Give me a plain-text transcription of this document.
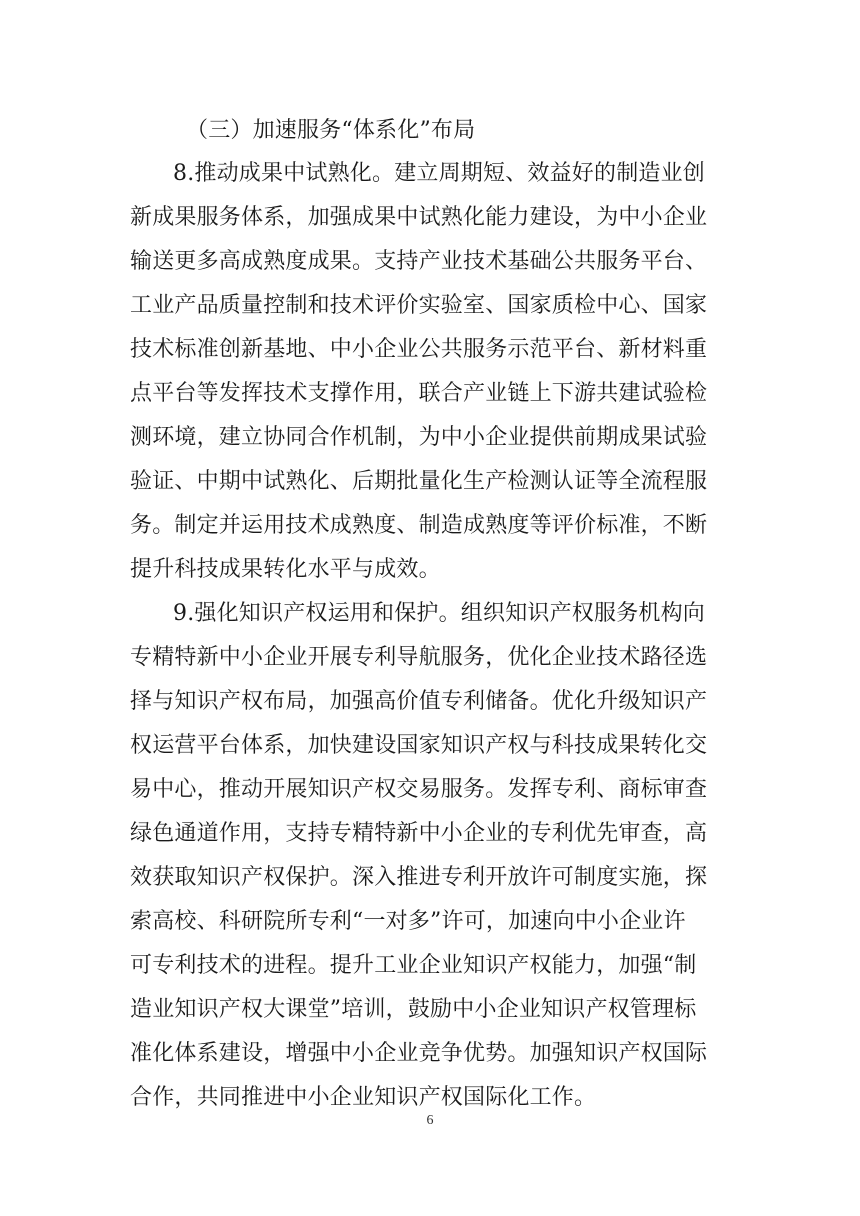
（三）加速服务“体系化”布局
8.推动成果中试熟化。建立周期短、效益好的制造业创
新成果服务体系，加强成果中试熟化能力建设，为中小企业
输送更多高成熟度成果。支持产业技术基础公共服务平台、
工业产品质量控制和技术评价实验室、国家质检中心、国家
技术标准创新基地、中小企业公共服务示范平台、新材料重
点平台等发挥技术支撑作用，联合产业链上下游共建试验检
测环境，建立协同合作机制，为中小企业提供前期成果试验
验证、中期中试熟化、后期批量化生产检测认证等全流程服
务。制定并运用技术成熟度、制造成熟度等评价标准，不断
提升科技成果转化水平与成效。
9.强化知识产权运用和保护。组织知识产权服务机构向
专精特新中小企业开展专利导航服务，优化企业技术路径选
择与知识产权布局，加强高价值专利储备。优化升级知识产
权运营平台体系，加快建设国家知识产权与科技成果转化交
易中心，推动开展知识产权交易服务。发挥专利、商标审查
绿色通道作用，支持专精特新中小企业的专利优先审查，高
效获取知识产权保护。深入推进专利开放许可制度实施，探
索高校、科研院所专利“一对多”许可，加速向中小企业许
可专利技术的进程。提升工业企业知识产权能力，加强“制
造业知识产权大课堂”培训，鼓励中小企业知识产权管理标
准化体系建设，增强中小企业竞争优势。加强知识产权国际
合作，共同推进中小企业知识产权国际化工作。
6
